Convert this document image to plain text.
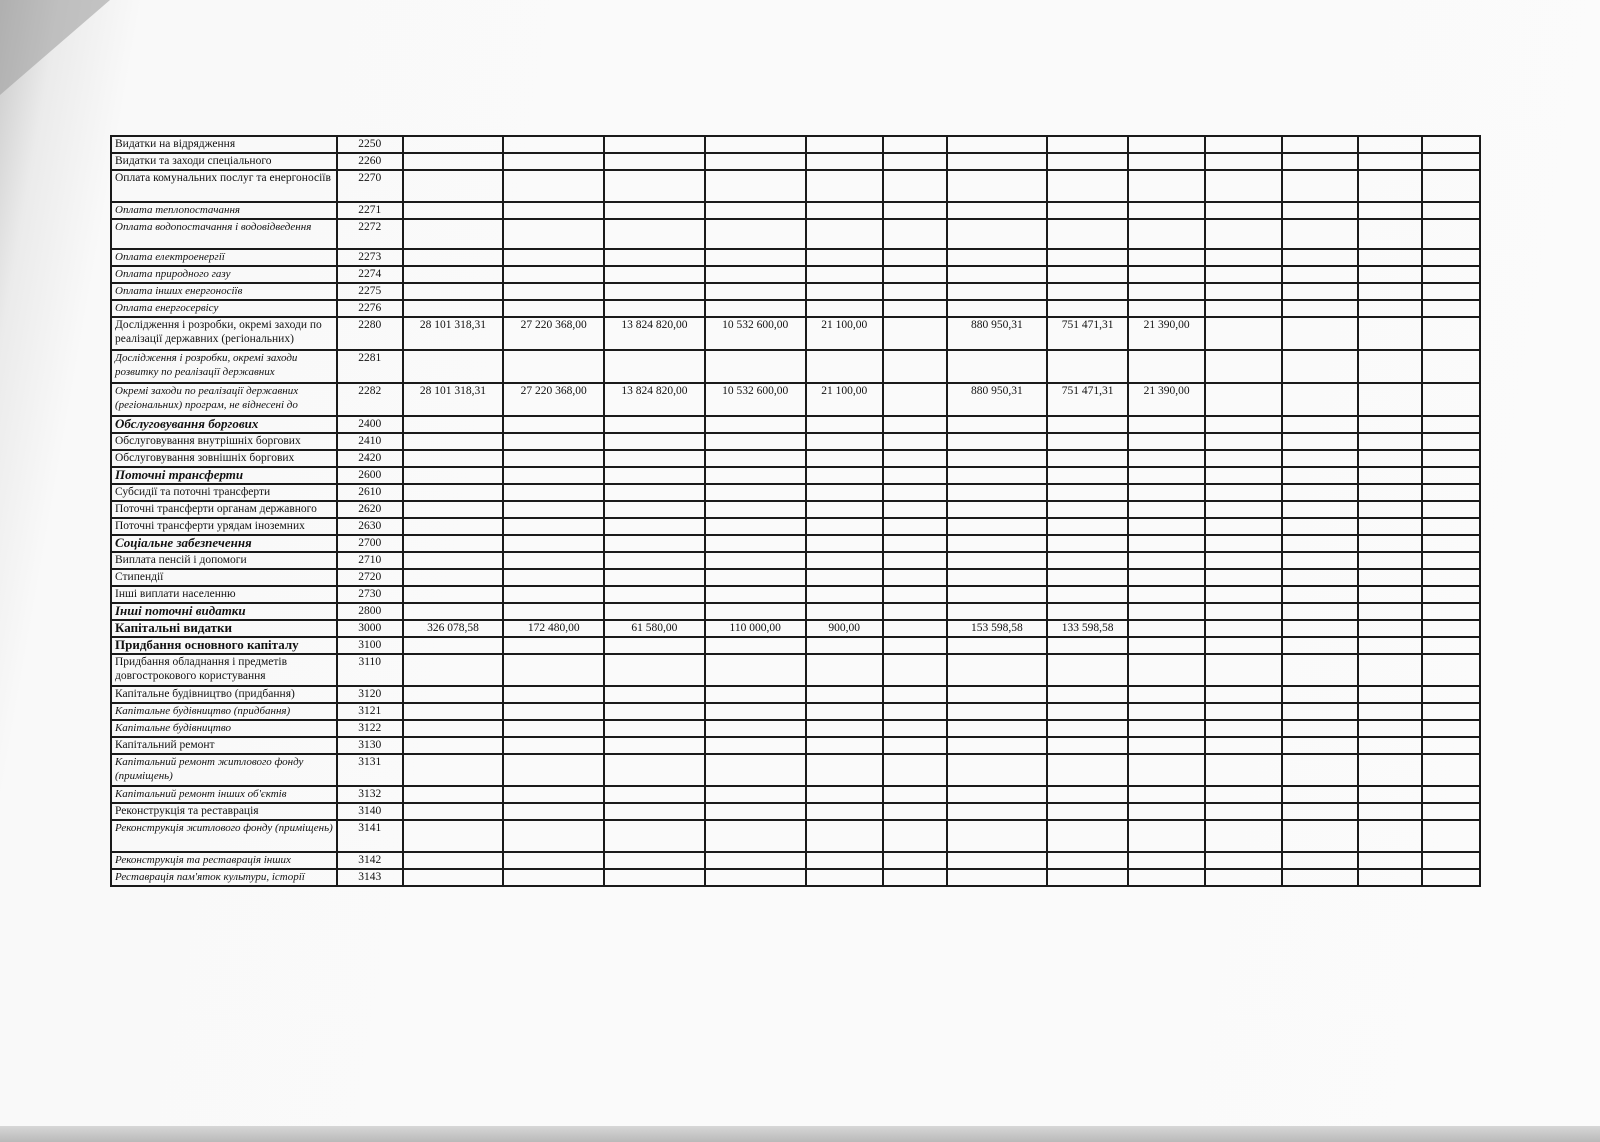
Видатки на відрядження	2250													
Видатки та заходи спеціального	2260													
Оплата комунальних послуг та енергоносіїв	2270													
Оплата теплопостачання	2271													
Оплата водопостачання і водовідведення	2272													
Оплата електроенергії	2273													
Оплата природного газу	2274													
Оплата інших енергоносіїв	2275													
Оплата енергосервісу	2276													
Дослідження і розробки, окремі заходи по реалізації державних (регіональних)	2280	28 101 318,31	27 220 368,00	13 824 820,00	10 532 600,00	21 100,00		880 950,31	751 471,31	21 390,00				
Дослідження і розробки, окремі заходи розвитку по реалізації державних	2281													
Окремі заходи по реалізації державних (регіональних) програм, не віднесені до	2282	28 101 318,31	27 220 368,00	13 824 820,00	10 532 600,00	21 100,00		880 950,31	751 471,31	21 390,00				
Обслуговування боргових	2400													
Обслуговування внутрішніх боргових	2410													
Обслуговування зовнішніх боргових	2420													
Поточні трансферти	2600													
Субсидії та поточні трансферти	2610													
Поточні трансферти органам державного	2620													
Поточні трансферти урядам іноземних	2630													
Соціальне забезпечення	2700													
Виплата пенсій і допомоги	2710													
Стипендії	2720													
Інші виплати населенню	2730													
Інші поточні видатки	2800													
Капітальні видатки	3000	326 078,58	172 480,00	61 580,00	110 000,00	900,00		153 598,58	133 598,58					
Придбання основного капіталу	3100													
Придбання обладнання і предметів довгострокового користування	3110													
Капітальне будівництво (придбання)	3120													
Капітальне будівництво (придбання)	3121													
Капітальне будівництво	3122													
Капітальний ремонт	3130													
Капітальний ремонт житлового фонду (приміщень)	3131													
Капітальний ремонт інших об'єктів	3132													
Реконструкція та реставрація	3140													
Реконструкція житлового фонду (приміщень)	3141													
Реконструкція та реставрація інших	3142													
Реставрація пам'яток культури, історії	3143													
